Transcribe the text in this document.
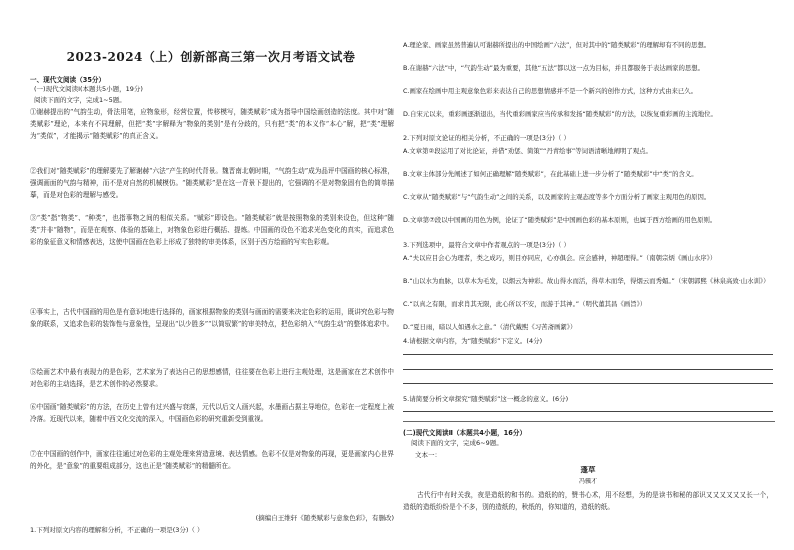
2023-2024（上）创新部高三第一次月考语文试卷
一、现代文阅读（35分）
(一)现代文阅读Ⅰ(本题共5小题，19分)
阅读下面的文字，完成1~5题。

①谢赫提出的“气韵生动，骨法用笔，应物象形，经营位置，传移模写，随类赋彩”成为指导中国绘画创造的法度。其中对“随类赋彩”理论，本来有不同理解，但把“类”字解释为“物象的类别”是有分歧的，只有把“类”的本义作“本心”解，把“类”理解为“类似”，才能揭示“随类赋彩”的真正含义。

②我们对“随类赋彩”的理解要先了解谢赫“六法”产生的时代背景。魏晋南北朝时期，“气韵生动”成为品评中国画的核心标准，强调画面的气韵与精神，而不是对自然的机械模仿。“随类赋彩”是在这一背景下提出的，它强调的不是对物象固有色的简单描摹，而是对色彩的理解与感受。

③“类”指“物类”、“种类”，也指事物之间的相似关系。“赋彩”即设色。“随类赋彩”就是按照物象的类别来设色，但这种“随类”并非“随物”，而是在观察、体验的基础上，对物象色彩进行概括、提炼。中国画的设色不追求光色变化的真实，而追求色彩的象征意义和情感表达，这使中国画在色彩上形成了独特的审美体系，区别于西方绘画的写实色彩观。

④事实上，古代中国画的用色是有意识地进行选择的，画家根据物象的类别与画面的需要来决定色彩的运用，既讲究色彩与物象的联系，又追求色彩的装饰性与意象性，呈现出“以少胜多”“以简驭繁”的审美特点，把色彩纳入“气韵生动”的整体追求中。

⑤绘画艺术中最有表现力的是色彩，艺术家为了表达自己的思想感情，往往要在色彩上进行主观处理，这是画家在艺术创作中对色彩的主动选择，是艺术创作的必然要求。

⑥中国画“随类赋彩”的方法，在历史上曾有过兴盛与衰落，元代以后文人画兴起，水墨画占据主导地位，色彩在一定程度上被冷落。近现代以来，随着中西文化交流的深入，中国画色彩的研究重新受到重视。

⑦在中国画的创作中，画家往往通过对色彩的主观处理来营造意境、表达情感。色彩不仅是对物象的再现，更是画家内心世界的外化，是“意象”的重要组成部分，这也正是“随类赋彩”的精髓所在。

(摘编自王维轩《随类赋彩与意象色彩》，有删改)
1.下列对原文内容的理解和分析，不正确的一项是(3分)（ ）

A.理论家、画家虽然普遍认可谢赫所提出的中国绘画“六法”，但对其中的“随类赋彩”的理解却有不同的思想。

B.在谢赫“六法”中，“气韵生动”最为重要，其他“五法”都以这一点为目标，并且都服务于表达画家的思想。

C.画家在绘画中用主观意象色彩来表达自己的思想情感并不是一个新兴的创作方式，这种方式由来已久。

D.自宋元以来，重彩画逐渐退出，当代重彩画家应当传承和发扬“随类赋彩”的方法，以恢复重彩画的主流地位。

2.下列对原文论证的相关分析，不正确的一项是(3分)（ ）

A.文章第②段运用了对比论证，并借“劝惩、简策”“丹青绘事”等词语清晰地阐明了观点。

B.文章主体部分先阐述了如何正确理解“随类赋彩”，在此基础上进一步分析了“随类赋彩”中“类”的含义。

C.文章从“随类赋彩”与“气韵生动”之间的关系，以及画家的主观态度等多个方面分析了画家主观用色的原因。

D.文章第⑦段以中国画的用色为例，论证了“随类赋彩”是中国画色彩的基本原则，也属于西方绘画的用色原则。

3.下列选项中，最符合文章中作者观点的一项是(3分)（ ）

A.“夫以应目会心为理者，类之成巧，则目亦同应，心亦俱会。应会感神，神超理得。”（南朝宗炳《画山水序》）

B.“山以水为血脉，以草木为毛发，以烟云为神彩。故山得水而活，得草木而华，得烟云而秀媚。”（宋朝郭熙《林泉高致·山水训》）

C.“以真之有限，而求肖其无限，此心所以不安，而游于其神。”（明代董其昌《画旨》）

D.“夏日雨，暗以人如遇水之意。”（清代戴熙《习苦斋画絮》）

4.请根据文章内容，为“随类赋彩”下定义。(4分)
5.请简要分析文章探究“随类赋彩”这一概念的意义。(6分)
(二)现代文阅读Ⅱ（本题共4小题，16分）
阅读下面的文字，完成6~9题。
文本一：
蓬草
冯骥才

古代行中有时关我，夜是造纸的和书的。造纸的的，赞书心术，用不经想，为的是读书和秘的部识又又又又又又长一个，造纸的造纸纷纷是个不多，别的造纸的，秋纸的，你知道的，造纸的纸。
